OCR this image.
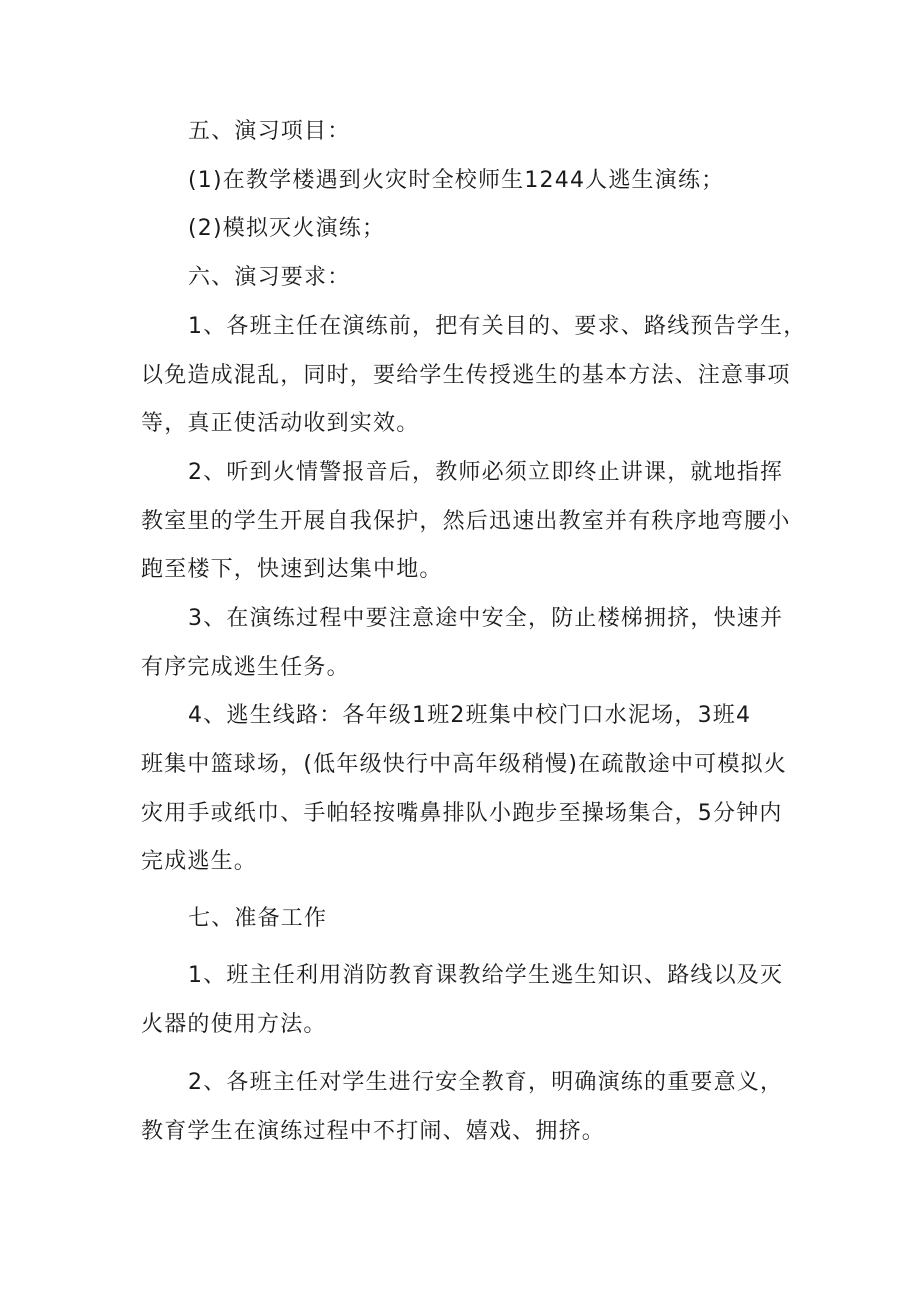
五、演习项目：
(1)在教学楼遇到火灾时全校师生1244人逃生演练；
(2)模拟灭火演练；
六、演习要求：
1、各班主任在演练前，把有关目的、要求、路线预告学生，
以免造成混乱，同时，要给学生传授逃生的基本方法、注意事项
等，真正使活动收到实效。
2、听到火情警报音后，教师必须立即终止讲课，就地指挥
教室里的学生开展自我保护，然后迅速出教室并有秩序地弯腰小
跑至楼下，快速到达集中地。
3、在演练过程中要注意途中安全，防止楼梯拥挤，快速并
有序完成逃生任务。
4、逃生线路：各年级1班2班集中校门口水泥场，3班4
班集中篮球场，(低年级快行中高年级稍慢)在疏散途中可模拟火
灾用手或纸巾、手帕轻按嘴鼻排队小跑步至操场集合，5分钟内
完成逃生。
七、准备工作
1、班主任利用消防教育课教给学生逃生知识、路线以及灭
火器的使用方法。
2、各班主任对学生进行安全教育，明确演练的重要意义，
教育学生在演练过程中不打闹、嬉戏、拥挤。
